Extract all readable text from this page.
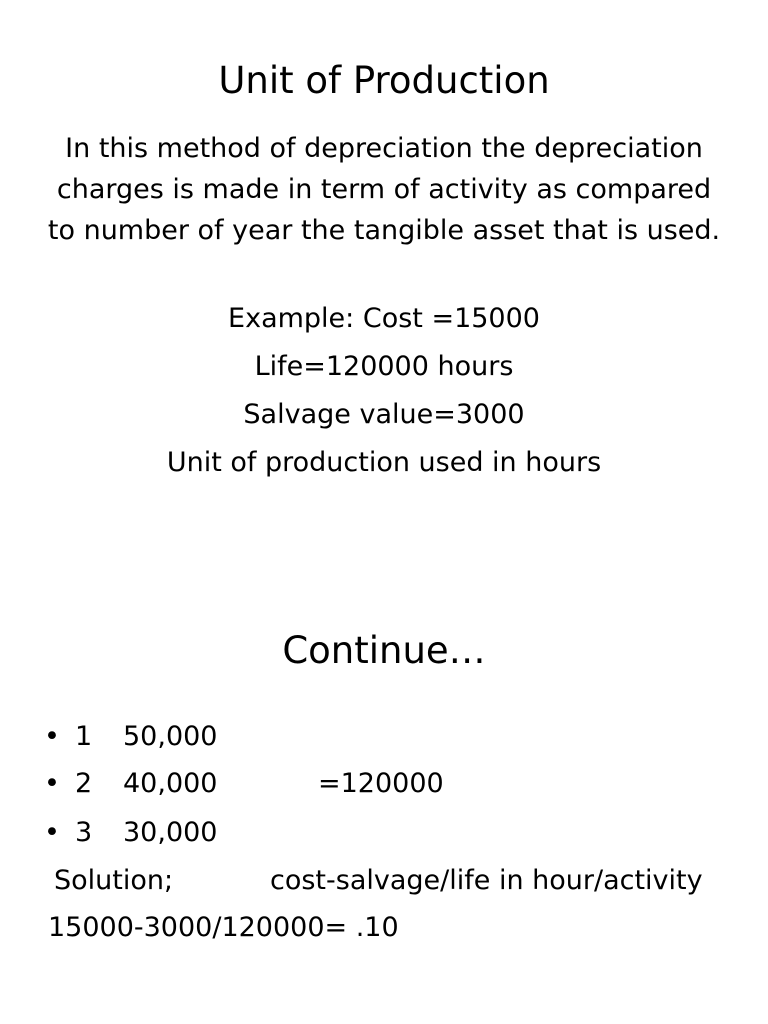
Unit of Production

In this method of depreciation the depreciation charges is made in term of activity as compared to number of year the tangible asset that is used.

Example: Cost =15000

Life=120000 hours

Salvage value=3000

Unit of production used in hours

Continue…
• 1 50,000
• 2 40,000	=120000
• 3 30,000
Solution;	cost-salvage/life in hour/activity
15000-3000/120000= .10
